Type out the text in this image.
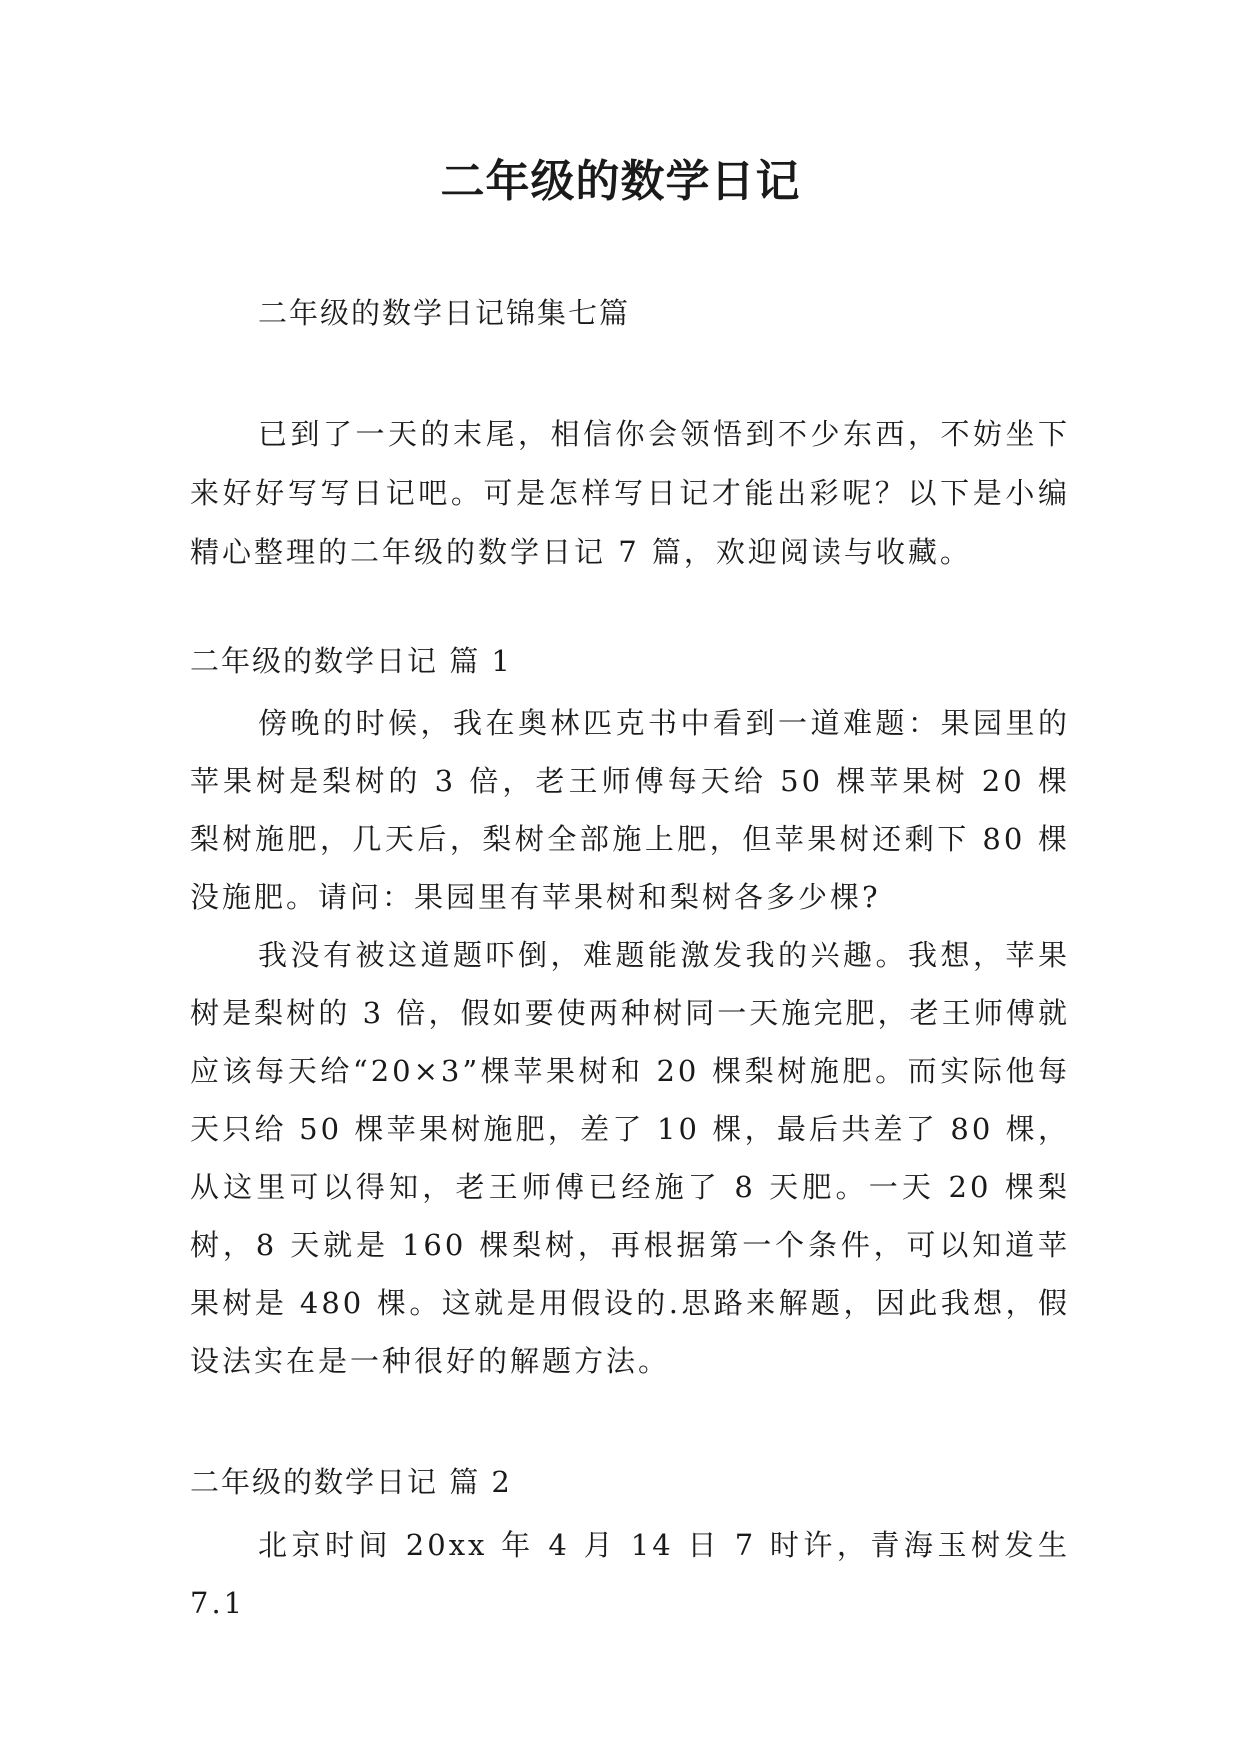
二年级的数学日记

二年级的数学日记锦集七篇

已到了一天的末尾，相信你会领悟到不少东西，不妨坐下来好好写写日记吧。可是怎样写日记才能出彩呢？以下是小编精心整理的二年级的数学日记 7 篇，欢迎阅读与收藏。

二年级的数学日记 篇 1

傍晚的时候，我在奥林匹克书中看到一道难题：果园里的苹果树是梨树的 3 倍，老王师傅每天给 50 棵苹果树 20 棵梨树施肥，几天后，梨树全部施上肥，但苹果树还剩下 80 棵没施肥。请问：果园里有苹果树和梨树各多少棵?

我没有被这道题吓倒，难题能激发我的兴趣。我想，苹果树是梨树的 3 倍，假如要使两种树同一天施完肥，老王师傅就应该每天给“20×3”棵苹果树和 20 棵梨树施肥。而实际他每天只给 50 棵苹果树施肥，差了 10 棵，最后共差了 80 棵，从这里可以得知，老王师傅已经施了 8 天肥。一天 20 棵梨树，8 天就是 160 棵梨树，再根据第一个条件，可以知道苹果树是 480 棵。这就是用假设的.思路来解题，因此我想，假设法实在是一种很好的解题方法。

二年级的数学日记 篇 2

北京时间 20xx 年 4 月 14 日 7 时许，青海玉树发生 7.1
